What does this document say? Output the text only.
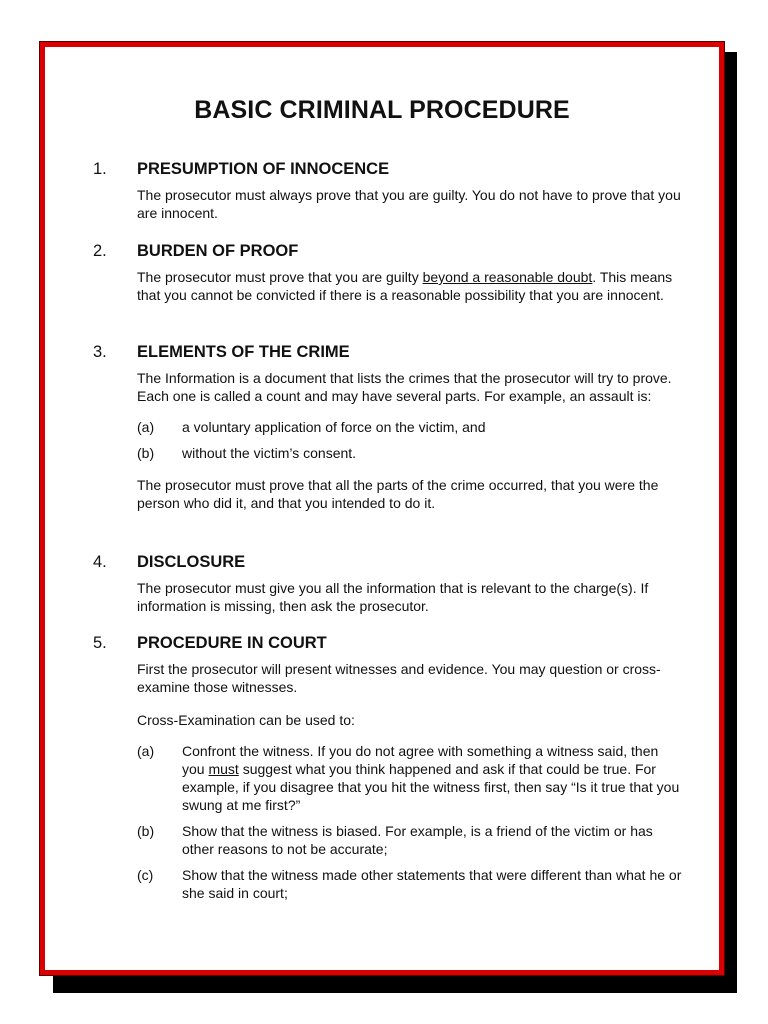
BASIC CRIMINAL PROCEDURE
1. PRESUMPTION OF INNOCENCE

The prosecutor must always prove that you are guilty. You do not have to prove that you are innocent.

2. BURDEN OF PROOF

The prosecutor must prove that you are guilty beyond a reasonable doubt. This means that you cannot be convicted if there is a reasonable possibility that you are innocent.

3. ELEMENTS OF THE CRIME

The Information is a document that lists the crimes that the prosecutor will try to prove. Each one is called a count and may have several parts. For example, an assault is:

(a) a voluntary application of force on the victim, and
(b) without the victim’s consent.

The prosecutor must prove that all the parts of the crime occurred, that you were the person who did it, and that you intended to do it.

4. DISCLOSURE

The prosecutor must give you all the information that is relevant to the charge(s). If information is missing, then ask the prosecutor.

5. PROCEDURE IN COURT

First the prosecutor will present witnesses and evidence. You may question or cross-examine those witnesses.

Cross-Examination can be used to:

(a) Confront the witness. If you do not agree with something a witness said, then you must suggest what you think happened and ask if that could be true. For example, if you disagree that you hit the witness first, then say “Is it true that you swung at me first?”
(b) Show that the witness is biased. For example, is a friend of the victim or has other reasons to not be accurate;
(c) Show that the witness made other statements that were different than what he or she said in court;
